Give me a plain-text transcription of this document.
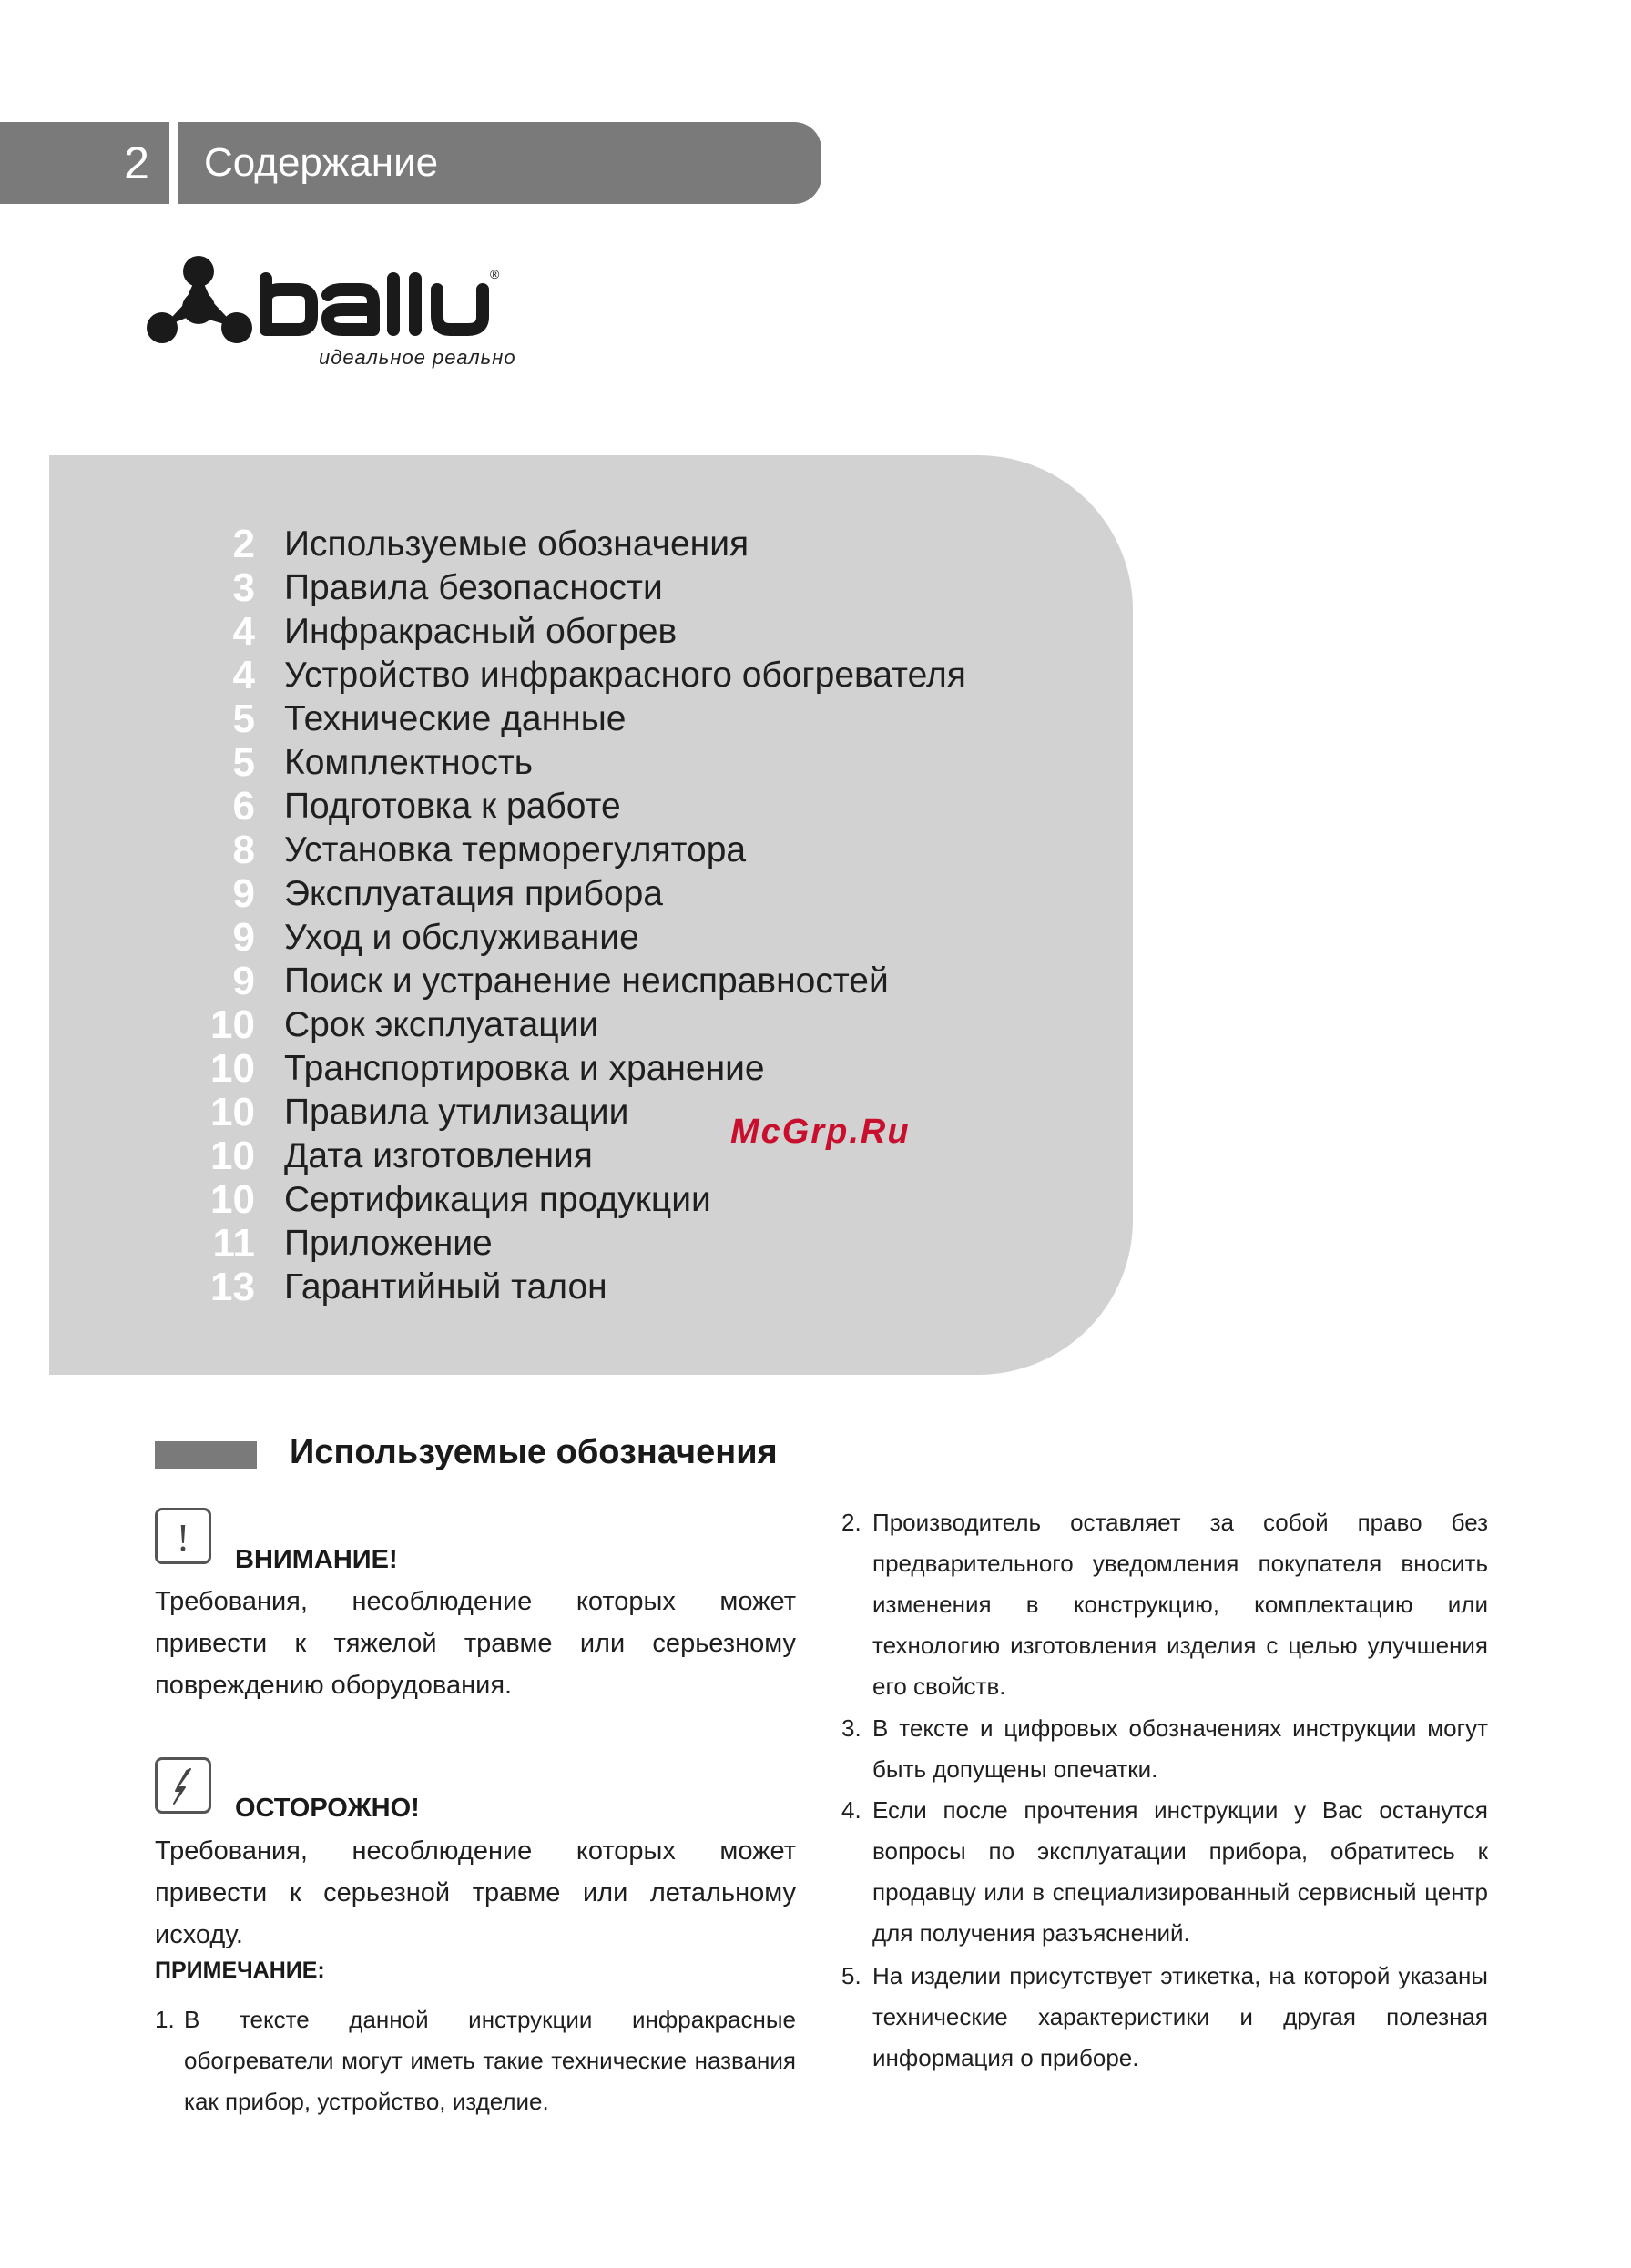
2 Содержание
®
идеальное реально
2 Используемые обозначения
3 Правила безопасности
4 Инфракрасный обогрев
4 Устройство инфракрасного обогревателя
5 Технические данные
5 Комплектность
6 Подготовка к работе
8 Установка терморегулятора
9 Эксплуатация прибора
9 Уход и обслуживание
9 Поиск и устранение неисправностей
10 Срок эксплуатации
10 Транспортировка и хранение
10 Правила утилизации
10 Дата изготовления
10 Сертификация продукции
11 Приложение
13 Гарантийный талон
McGrp.Ru
Используемые обозначения
! ВНИМАНИЕ!
Требования, несоблюдение которых может привести к тяжелой травме или серьезному повреждению оборудования.
ОСТОРОЖНО!
Требования, несоблюдение которых может привести к серьезной травме или летальному исходу.
ПРИМЕЧАНИЕ:
1. В тексте данной инструкции инфракрасные обогреватели могут иметь такие технические названия как прибор, устройство, изделие.
2. Производитель оставляет за собой право без предварительного уведомления покупателя вносить изменения в конструкцию, комплектацию или технологию изготовления изделия с целью улучшения его свойств.
3. В тексте и цифровых обозначениях инструкции могут быть допущены опечатки.
4. Если после прочтения инструкции у Вас останутся вопросы по эксплуатации прибора, обратитесь к продавцу или в специализированный сервисный центр для получения разъяснений.
5. На изделии присутствует этикетка, на которой указаны технические характеристики и другая полезная информация о приборе.
